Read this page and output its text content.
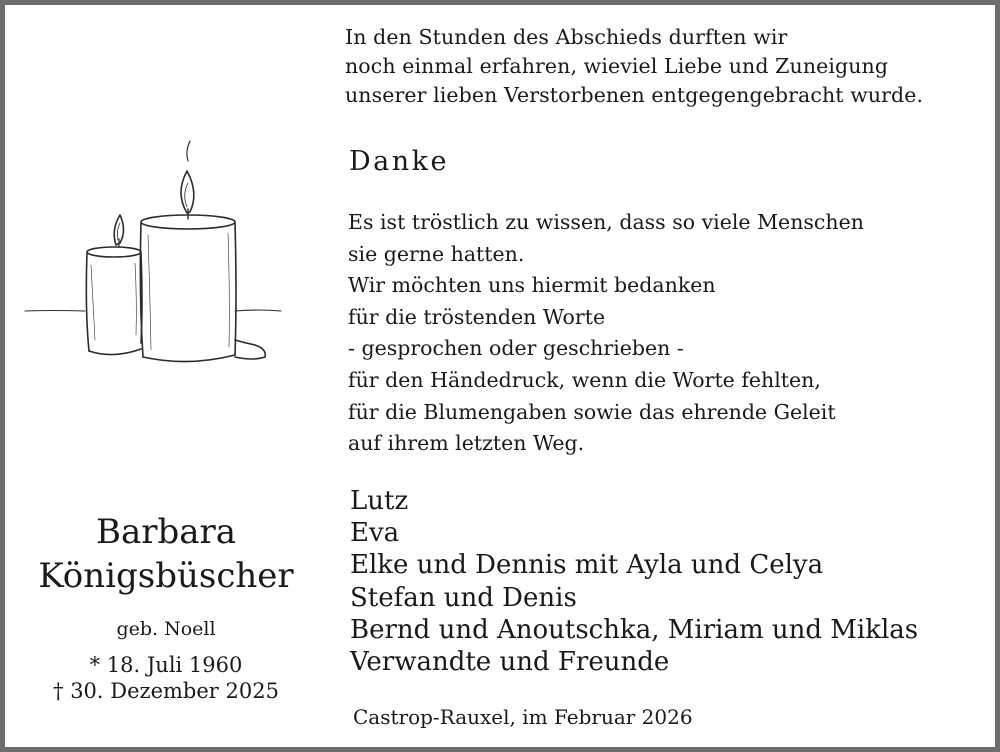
In den Stunden des Abschieds durften wir
noch einmal erfahren, wieviel Liebe und Zuneigung
unserer lieben Verstorbenen entgegengebracht wurde.
Danke
Es ist tröstlich zu wissen, dass so viele Menschen
sie gerne hatten.
Wir möchten uns hiermit bedanken
für die tröstenden Worte
- gesprochen oder geschrieben -
für den Händedruck, wenn die Worte fehlten,
für die Blumengaben sowie das ehrende Geleit
auf ihrem letzten Weg.
Lutz
Eva
Elke und Dennis mit Ayla und Celya
Stefan und Denis
Bernd und Anoutschka, Miriam und Miklas
Verwandte und Freunde
Castrop-Rauxel, im Februar 2026
Barbara
Königsbüscher
geb. Noell
* 18. Juli 1960
† 30. Dezember 2025
